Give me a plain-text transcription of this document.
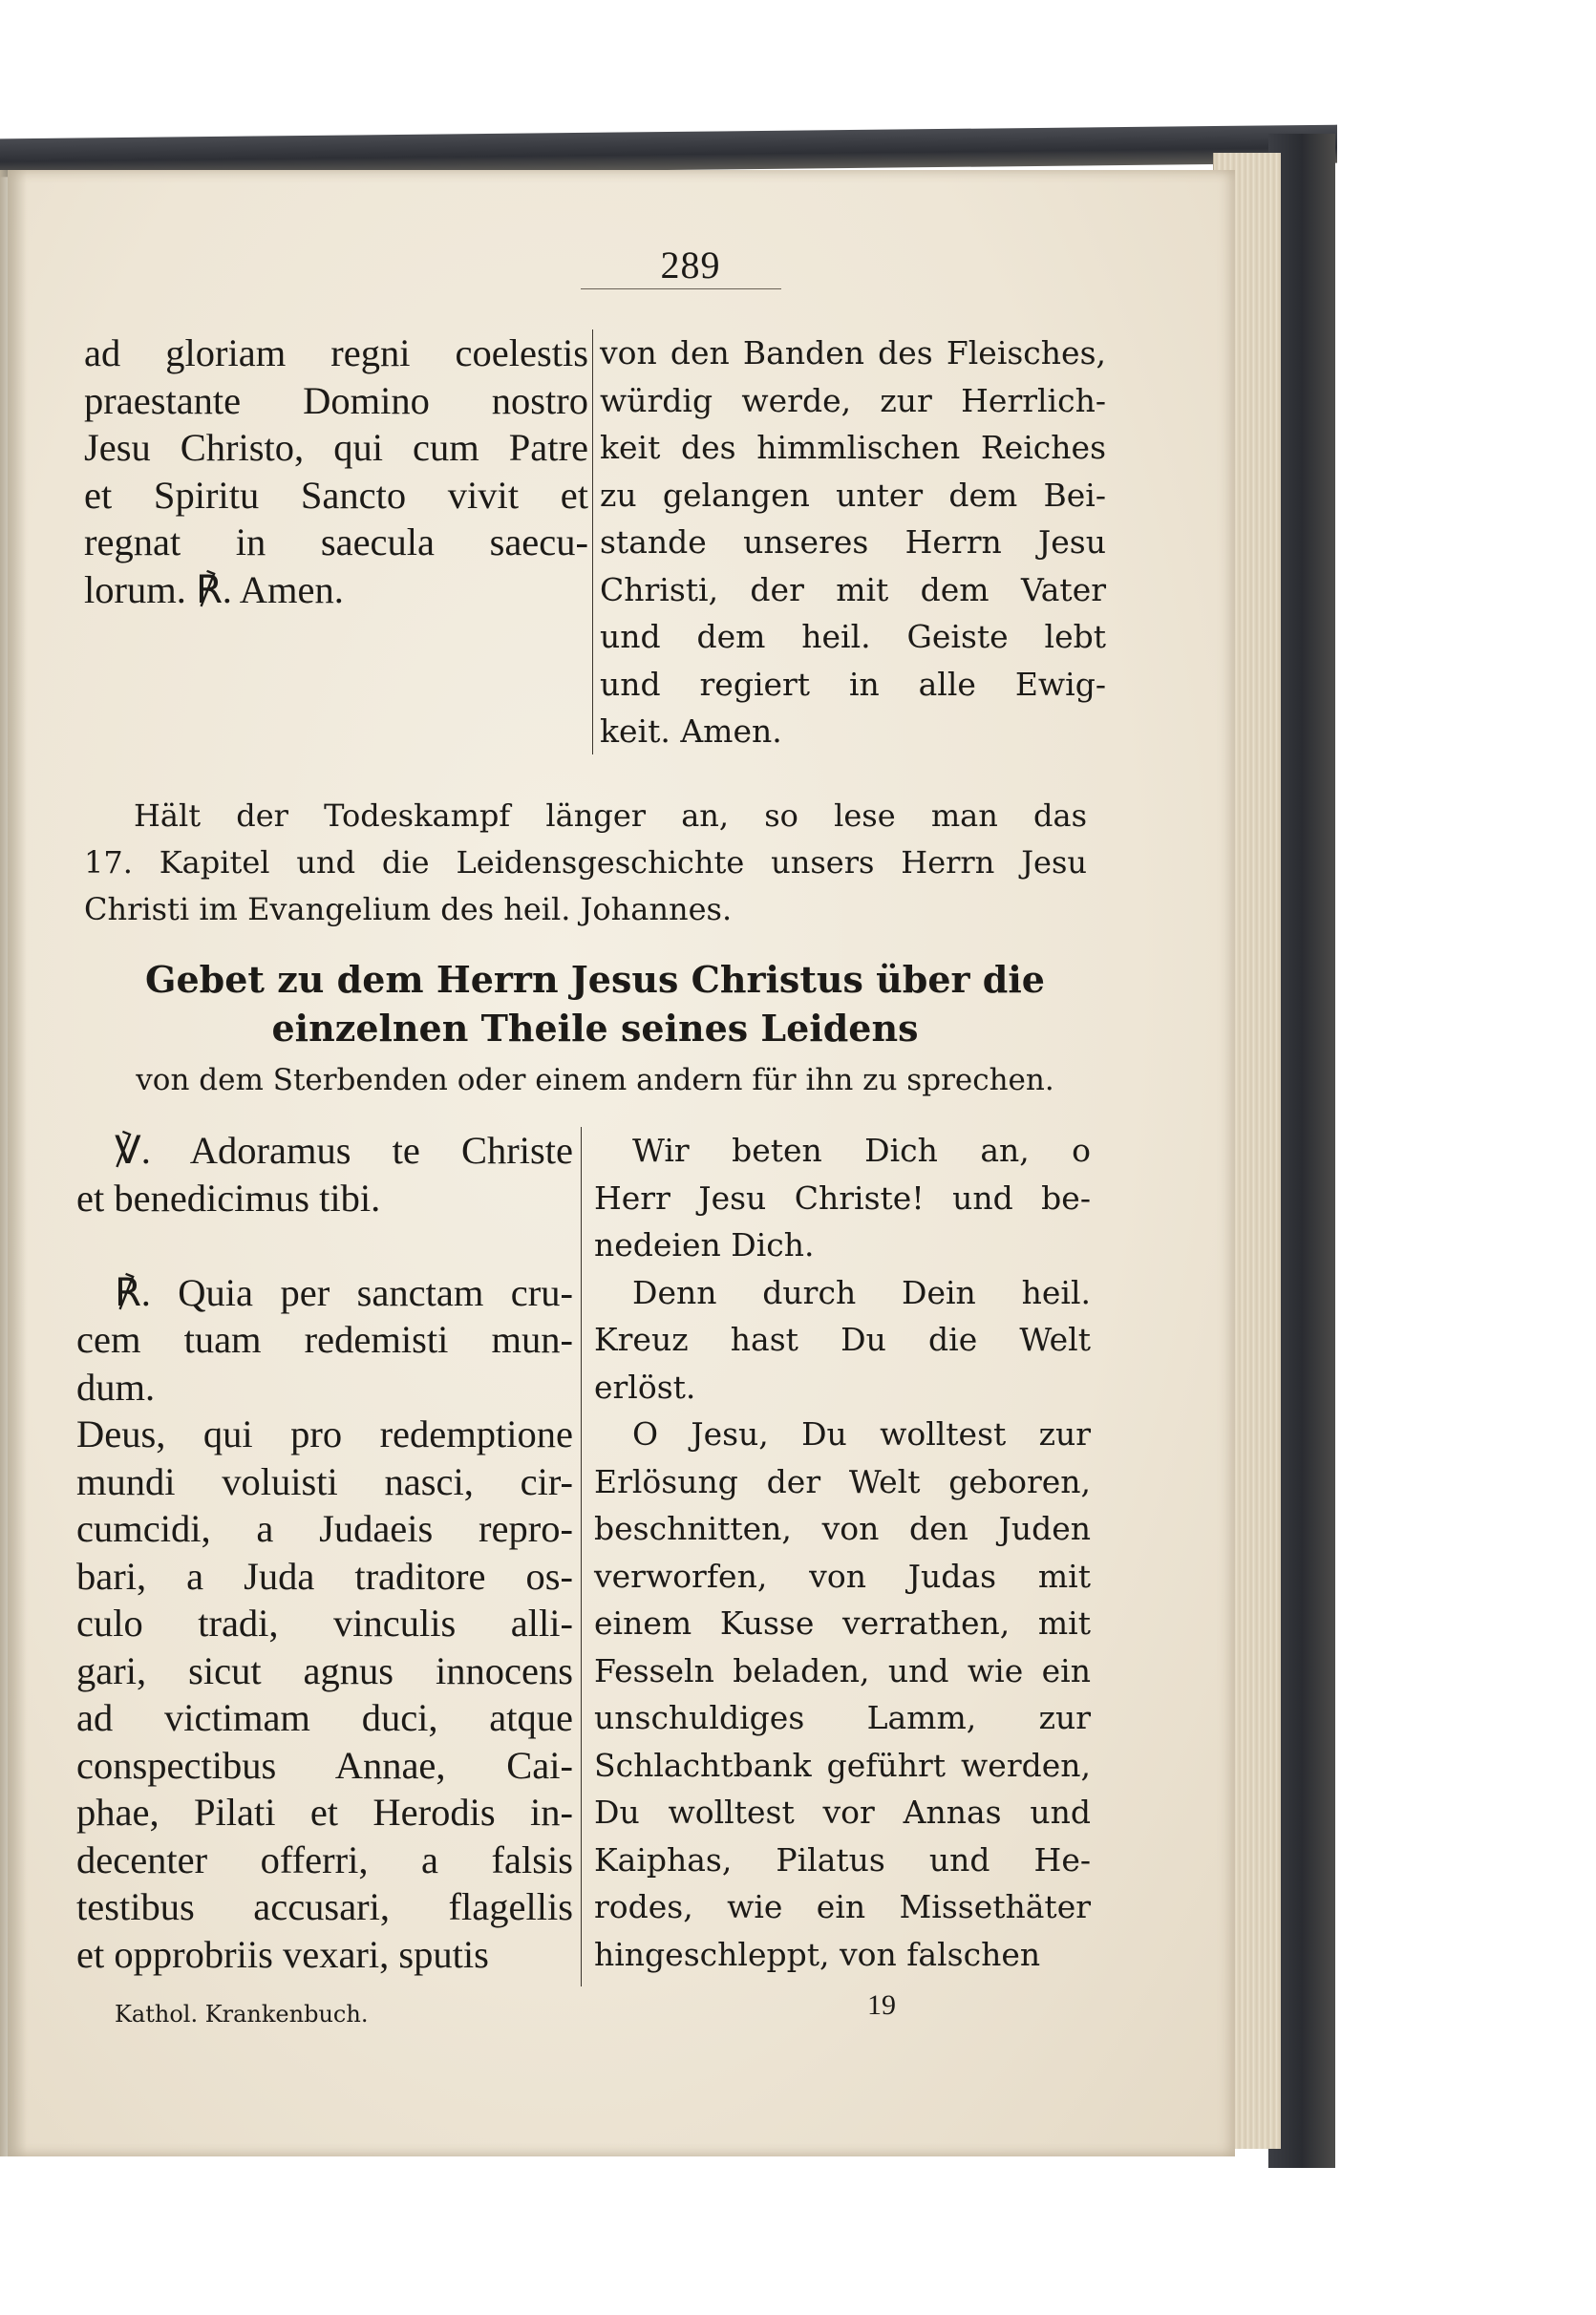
289
ad gloriam regni coelestis
praestante Domino nostro
Jesu Christo, qui cum Patre
et Spiritu Sancto vivit et
regnat in saecula saecu-
lorum. ℟. Amen.
von den Banden des Fleisches,
würdig werde, zur Herrlich-
keit des himmlischen Reiches
zu gelangen unter dem Bei-
stande unseres Herrn Jesu
Christi, der mit dem Vater
und dem heil. Geiste lebt
und regiert in alle Ewig-
keit. Amen.
Hält der Todeskampf länger an, so lese man das
17. Kapitel und die Leidensgeschichte unsers Herrn Jesu
Christi im Evangelium des heil. Johannes.
Gebet zu dem Herrn Jesus Christus über die
einzelnen Theile seines Leidens
von dem Sterbenden oder einem andern für ihn zu sprechen.
℣. Adoramus te Christe
et benedicimus tibi.

℟. Quia per sanctam cru-
cem tuam redemisti mun-
dum.
Deus, qui pro redemptione
mundi voluisti nasci, cir-
cumcidi, a Judaeis repro-
bari, a Juda traditore os-
culo tradi, vinculis alli-
gari, sicut agnus innocens
ad victimam duci, atque
conspectibus Annae, Cai-
phae, Pilati et Herodis in-
decenter offerri, a falsis
testibus accusari, flagellis
et opprobriis vexari, sputis
Wir beten Dich an, o
Herr Jesu Christe! und be-
nedeien Dich.
Denn durch Dein heil.
Kreuz hast Du die Welt
erlöst.
O Jesu, Du wolltest zur
Erlösung der Welt geboren,
beschnitten, von den Juden
verworfen, von Judas mit
einem Kusse verrathen, mit
Fesseln beladen, und wie ein
unschuldiges Lamm, zur
Schlachtbank geführt werden,
Du wolltest vor Annas und
Kaiphas, Pilatus und He-
rodes, wie ein Missethäter
hingeschleppt, von falschen
Kathol. Krankenbuch.	19
